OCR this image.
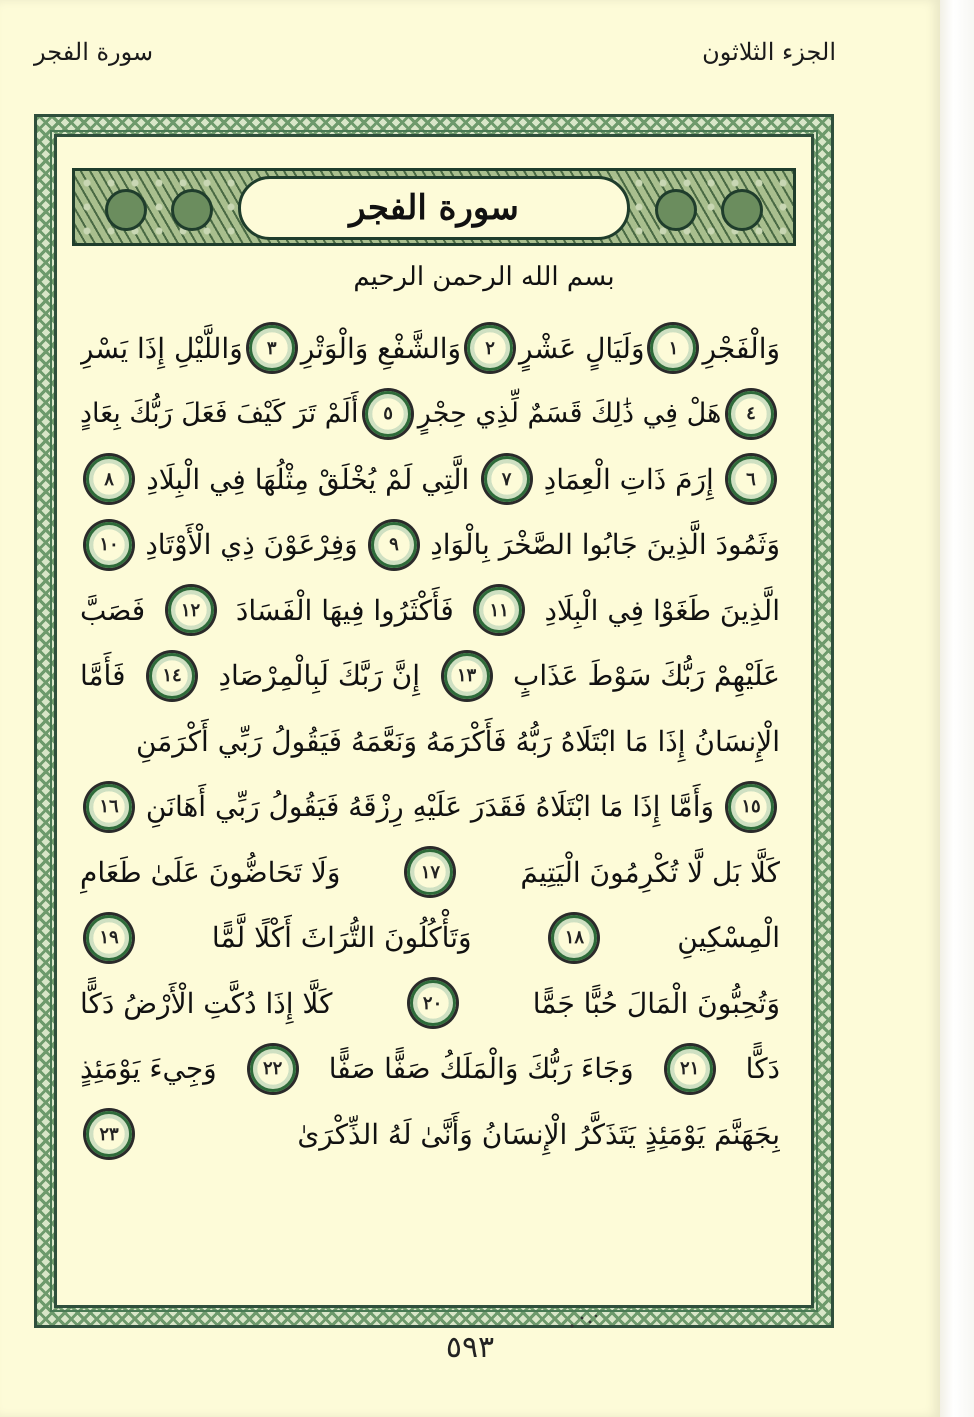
الجزء الثلاثون
سورة الفجر
سورة الفجر
بسم الله الرحمن الرحيم
وَالْفَجْرِ
١
وَلَيَالٍ عَشْرٍ
٢
وَالشَّفْعِ وَالْوَتْرِ
٣
وَاللَّيْلِ إِذَا يَسْرِ
٤
هَلْ فِي ذَٰلِكَ قَسَمٌ لِّذِي حِجْرٍ
٥
أَلَمْ تَرَ كَيْفَ فَعَلَ رَبُّكَ بِعَادٍ
٦
إِرَمَ ذَاتِ الْعِمَادِ
٧
الَّتِي لَمْ يُخْلَقْ مِثْلُهَا فِي الْبِلَادِ
٨
وَثَمُودَ الَّذِينَ جَابُوا الصَّخْرَ بِالْوَادِ
٩
وَفِرْعَوْنَ ذِي الْأَوْتَادِ
١٠
الَّذِينَ طَغَوْا فِي الْبِلَادِ
١١
فَأَكْثَرُوا فِيهَا الْفَسَادَ
١٢
فَصَبَّ
عَلَيْهِمْ رَبُّكَ سَوْطَ عَذَابٍ
١٣
إِنَّ رَبَّكَ لَبِالْمِرْصَادِ
١٤
فَأَمَّا
الْإِنسَانُ إِذَا مَا ابْتَلَاهُ رَبُّهُ فَأَكْرَمَهُ وَنَعَّمَهُ فَيَقُولُ رَبِّي أَكْرَمَنِ
١٥
وَأَمَّا إِذَا مَا ابْتَلَاهُ فَقَدَرَ عَلَيْهِ رِزْقَهُ فَيَقُولُ رَبِّي أَهَانَنِ
١٦
كَلَّا بَل لَّا تُكْرِمُونَ الْيَتِيمَ
١٧
وَلَا تَحَاضُّونَ عَلَىٰ طَعَامِ
الْمِسْكِينِ
١٨
وَتَأْكُلُونَ التُّرَاثَ أَكْلًا لَّمًّا
١٩
وَتُحِبُّونَ الْمَالَ حُبًّا جَمًّا
٢٠
كَلَّا إِذَا دُكَّتِ الْأَرْضُ دَكًّا
دَكًّا
٢١
وَجَاءَ رَبُّكَ وَالْمَلَكُ صَفًّا صَفًّا
٢٢
وَجِيءَ يَوْمَئِذٍ
بِجَهَنَّمَ يَوْمَئِذٍ يَتَذَكَّرُ الْإِنسَانُ وَأَنَّىٰ لَهُ الذِّكْرَىٰ
٢٣
٥٩٣
